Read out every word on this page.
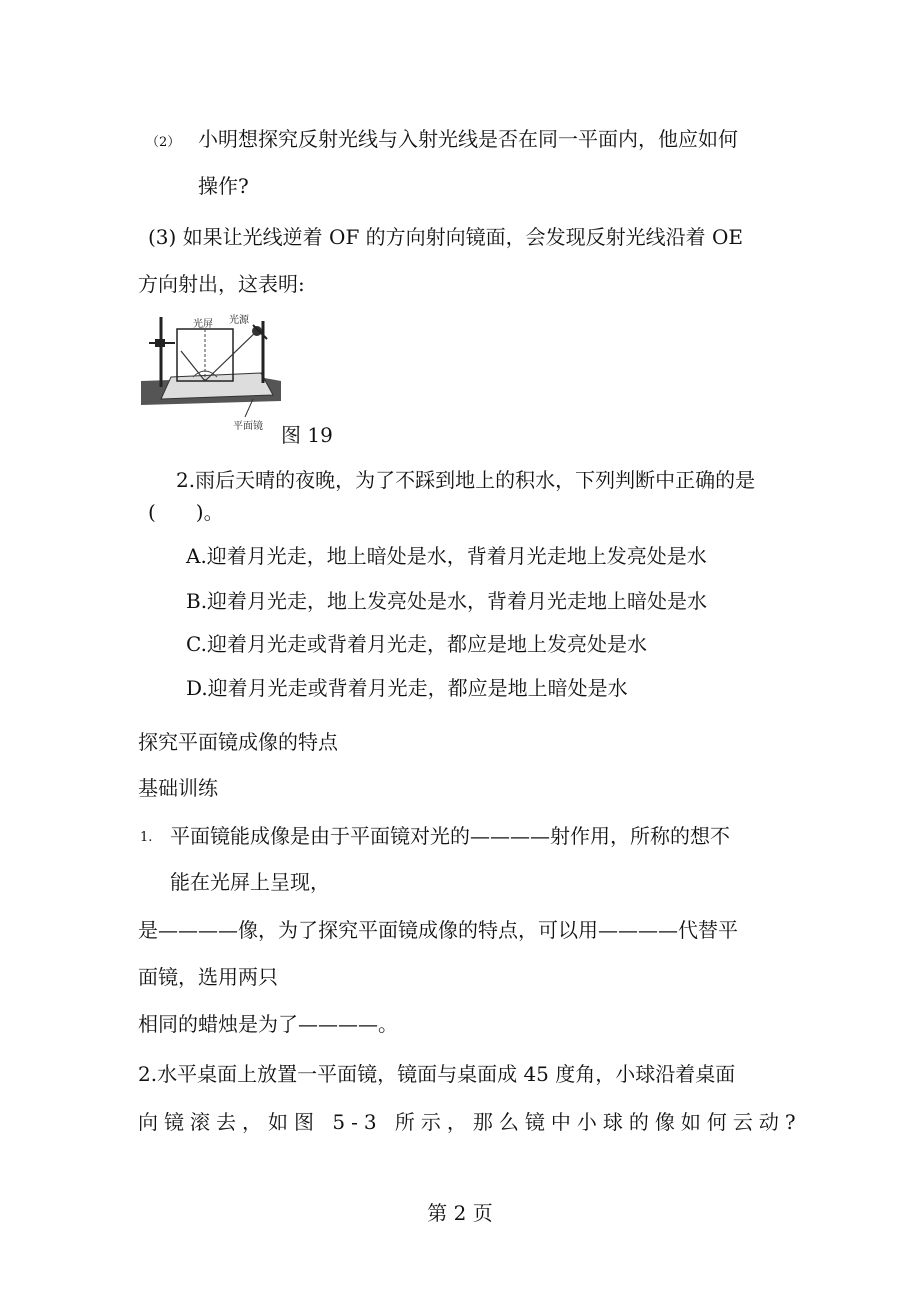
（2） 小明想探究反射光线与入射光线是否在同一平面内，他应如何
操作?
(3) 如果让光线逆着 OF 的方向射向镜面，会发现反射光线沿着 OE
方向射出，这表明:
光屏 光源
平面镜 图 19
2.雨后天晴的夜晚，为了不踩到地上的积水，下列判断中正确的是
(　　)。
A.迎着月光走，地上暗处是水，背着月光走地上发亮处是水
B.迎着月光走，地上发亮处是水，背着月光走地上暗处是水
C.迎着月光走或背着月光走，都应是地上发亮处是水
D.迎着月光走或背着月光走，都应是地上暗处是水
探究平面镜成像的特点
基础训练
1. 平面镜能成像是由于平面镜对光的————射作用，所称的想不
能在光屏上呈现，
是————像，为了探究平面镜成像的特点，可以用————代替平
面镜，选用两只
相同的蜡烛是为了————。
2.水平桌面上放置一平面镜，镜面与桌面成 45 度角，小球沿着桌面
向镜滚去，如图 5-3 所示，那么镜中小球的像如何云动?
第 2 页
